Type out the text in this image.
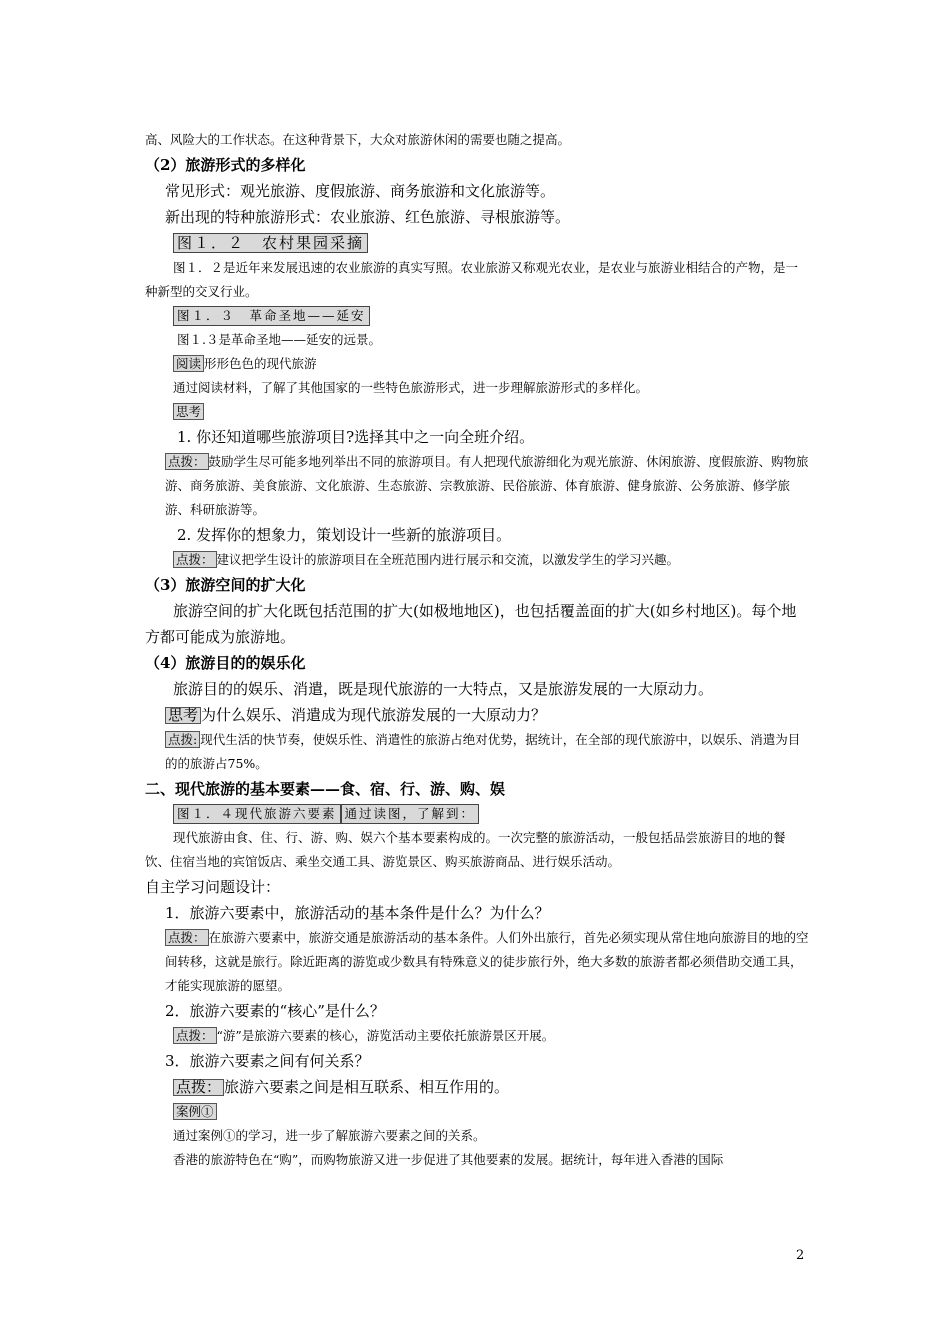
高、风险大的工作状态。在这种背景下，大众对旅游休闲的需要也随之提高。

（2）旅游形式的多样化

常见形式：观光旅游、度假旅游、商务旅游和文化旅游等。

新出现的特种旅游形式：农业旅游、红色旅游、寻根旅游等。

图１．２　农村果园采摘

图１．２是近年来发展迅速的农业旅游的真实写照。农业旅游又称观光农业，是农业与旅游业相结合的产物，是一种新型的交叉行业。

图１．３　革命圣地——延安

图１.３是革命圣地——延安的远景。

阅读 形形色色的现代旅游

通过阅读材料，了解了其他国家的一些特色旅游形式，进一步理解旅游形式的多样化。

思考

1. 你还知道哪些旅游项目?选择其中之一向全班介绍。

点拨： 鼓励学生尽可能多地列举出不同的旅游项目。有人把现代旅游细化为观光旅游、休闲旅游、度假旅游、购物旅游、商务旅游、美食旅游、文化旅游、生态旅游、宗教旅游、民俗旅游、体育旅游、健身旅游、公务旅游、修学旅游、科研旅游等。

2. 发挥你的想象力，策划设计一些新的旅游项目。

点拨： 建议把学生设计的旅游项目在全班范围内进行展示和交流，以激发学生的学习兴趣。

（3）旅游空间的扩大化

旅游空间的扩大化既包括范围的扩大(如极地地区)，也包括覆盖面的扩大(如乡村地区)。每个地方都可能成为旅游地。

（4）旅游目的的娱乐化

旅游目的的娱乐、消遣，既是现代旅游的一大特点，又是旅游发展的一大原动力。

思考 为什么娱乐、消遣成为现代旅游发展的一大原动力？

点拨: 现代生活的快节奏，使娱乐性、消遣性的旅游占绝对优势，据统计，在全部的现代旅游中，以娱乐、消遣为目的的旅游占75%。

二、现代旅游的基本要素——食、宿、行、游、购、娱

图１．４现代旅游六要素 通过读图，了解到：

现代旅游由食、住、行、游、购、娱六个基本要素构成的。一次完整的旅游活动，一般包括品尝旅游目的地的餐饮、住宿当地的宾馆饭店、乘坐交通工具、游览景区、购买旅游商品、进行娱乐活动。

自主学习问题设计：

1．旅游六要素中，旅游活动的基本条件是什么？为什么？

点拨： 在旅游六要素中，旅游交通是旅游活动的基本条件。人们外出旅行，首先必须实现从常住地向旅游目的地的空间转移，这就是旅行。除近距离的游览或少数具有特殊意义的徒步旅行外，绝大多数的旅游者都必须借助交通工具，才能实现旅游的愿望。

2．旅游六要素的“核心”是什么？

点拨： “游”是旅游六要素的核心，游览活动主要依托旅游景区开展。

3．旅游六要素之间有何关系？

点拨： 旅游六要素之间是相互联系、相互作用的。

案例①

通过案例①的学习，进一步了解旅游六要素之间的关系。

香港的旅游特色在“购”，而购物旅游又进一步促进了其他要素的发展。据统计，每年进入香港的国际

2
